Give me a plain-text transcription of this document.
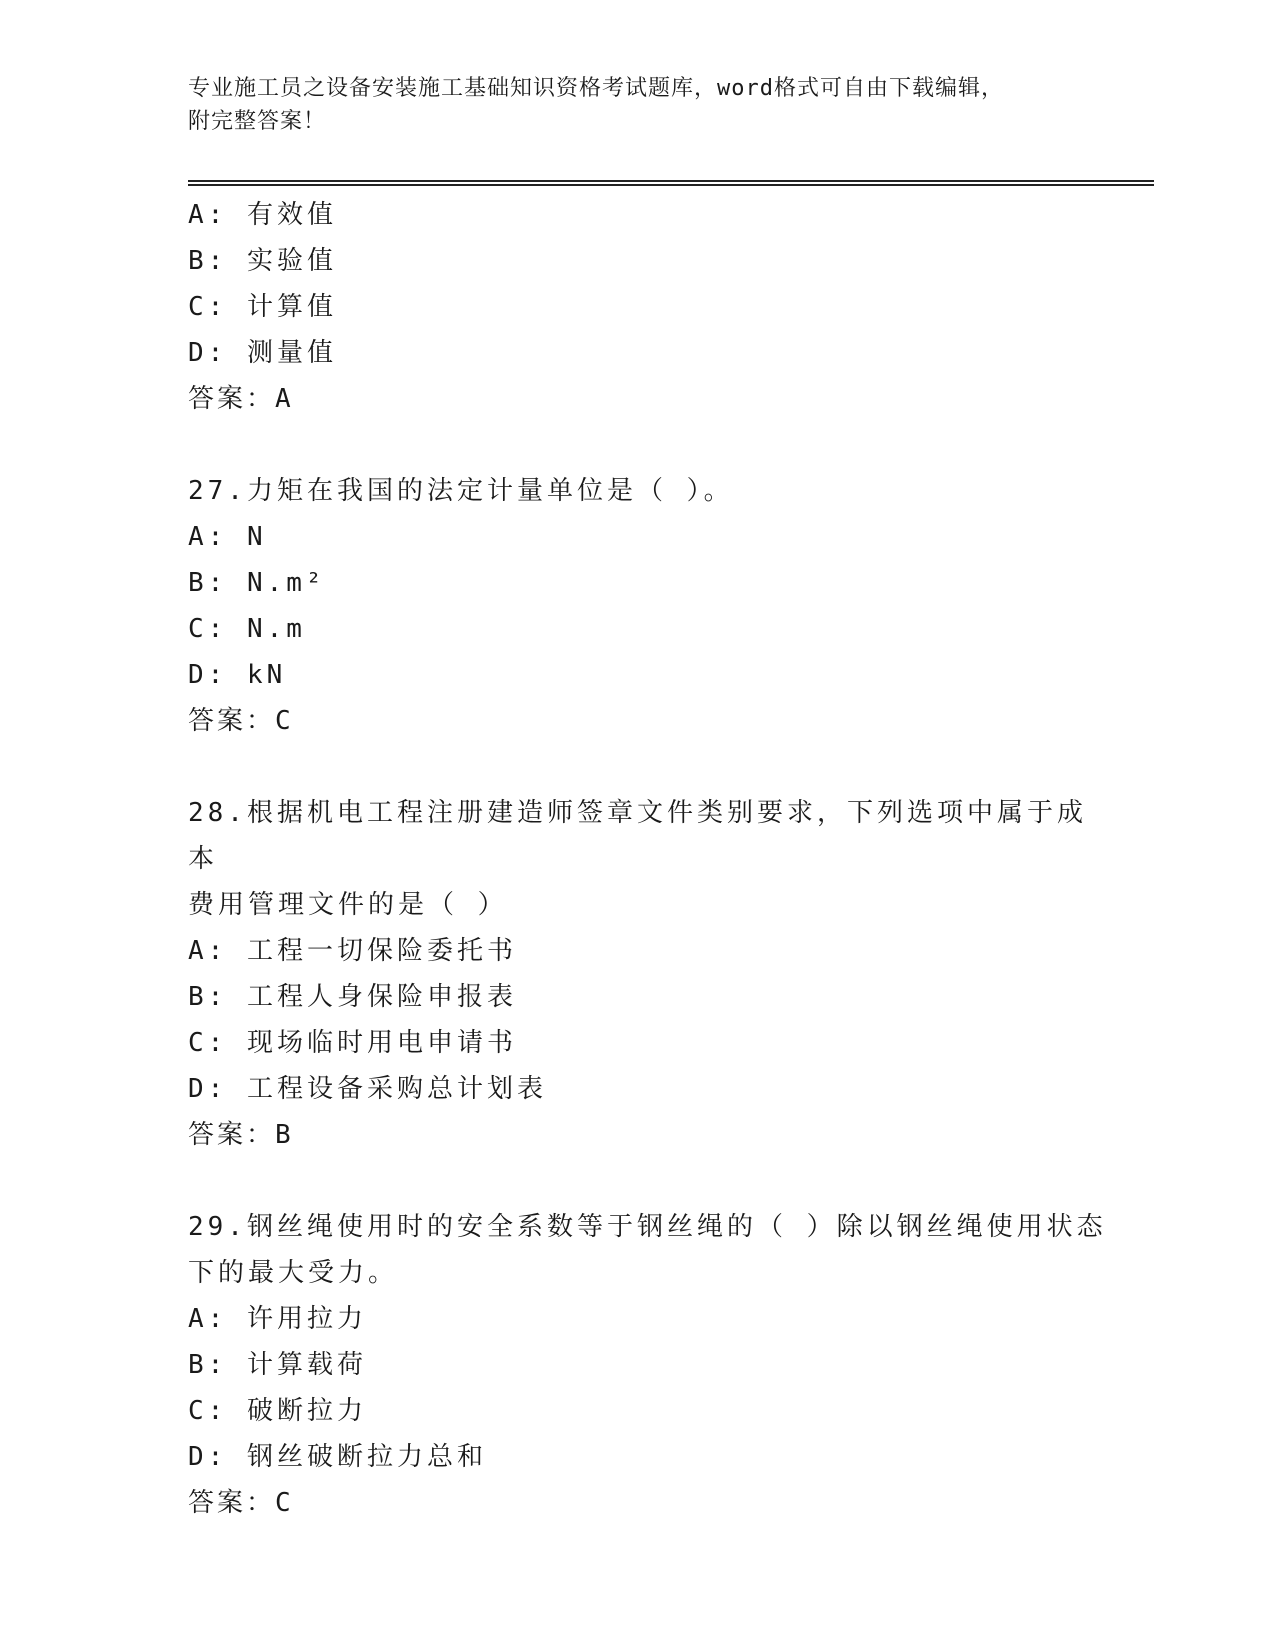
专业施工员之设备安装施工基础知识资格考试题库，word格式可自由下载编辑，
附完整答案！
A: 有效值
B: 实验值
C: 计算值
D: 测量值
答案：A
27.力矩在我国的法定计量单位是（ ）。
A: N
B: N.m²
C: N.m
D: kN
答案：C
28.根据机电工程注册建造师签章文件类别要求，下列选项中属于成本
费用管理文件的是（ ）
A: 工程一切保险委托书
B: 工程人身保险申报表
C: 现场临时用电申请书
D: 工程设备采购总计划表
答案：B
29.钢丝绳使用时的安全系数等于钢丝绳的（ ）除以钢丝绳使用状态
下的最大受力。
A: 许用拉力
B: 计算载荷
C: 破断拉力
D: 钢丝破断拉力总和
答案：C
